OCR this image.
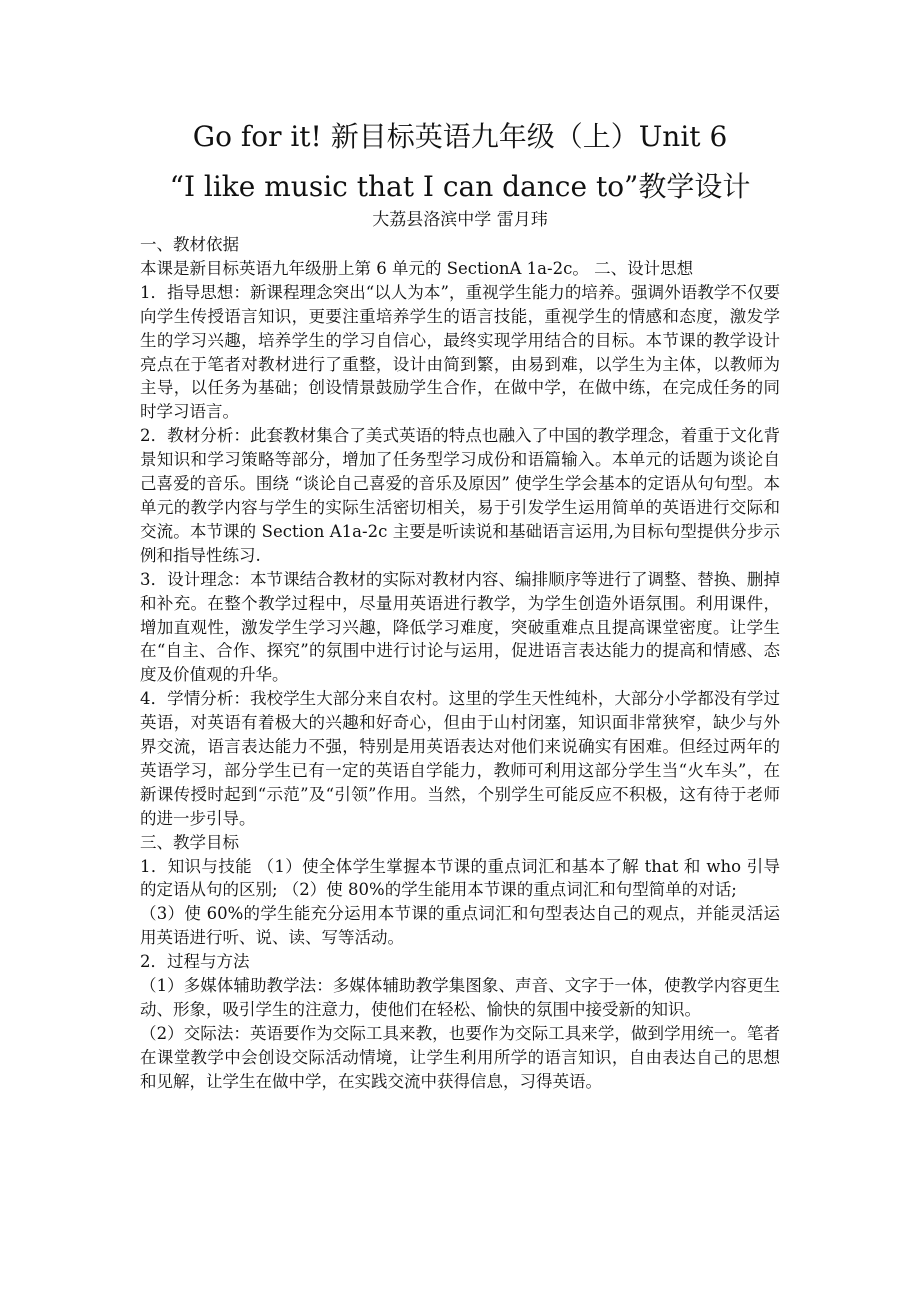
Go for it! 新目标英语九年级（上）Unit 6
“I like music that I can dance to”教学设计
大荔县洛滨中学 雷月玮

一、教材依据

本课是新目标英语九年级册上第 6 单元的 SectionA 1a-2c。 二、设计思想

1．指导思想：新课程理念突出“以人为本”，重视学生能力的培养。强调外语教学不仅要向学生传授语言知识，更要注重培养学生的语言技能，重视学生的情感和态度，激发学生的学习兴趣，培养学生的学习自信心，最终实现学用结合的目标。本节课的教学设计亮点在于笔者对教材进行了重整，设计由简到繁，由易到难，以学生为主体，以教师为主导，以任务为基础；创设情景鼓励学生合作，在做中学，在做中练，在完成任务的同时学习语言。

2．教材分析：此套教材集合了美式英语的特点也融入了中国的教学理念，着重于文化背景知识和学习策略等部分，增加了任务型学习成份和语篇输入。本单元的话题为谈论自己喜爱的音乐。围绕 “谈论自己喜爱的音乐及原因” 使学生学会基本的定语从句句型。本单元的教学内容与学生的实际生活密切相关，易于引发学生运用简单的英语进行交际和交流。本节课的 Section A1a-2c 主要是听读说和基础语言运用,为目标句型提供分步示例和指导性练习.

3．设计理念：本节课结合教材的实际对教材内容、编排顺序等进行了调整、替换、删掉和补充。在整个教学过程中，尽量用英语进行教学，为学生创造外语氛围。利用课件，增加直观性，激发学生学习兴趣，降低学习难度，突破重难点且提高课堂密度。让学生在“自主、合作、探究”的氛围中进行讨论与运用，促进语言表达能力的提高和情感、态度及价值观的升华。

4．学情分析：我校学生大部分来自农村。这里的学生天性纯朴，大部分小学都没有学过英语，对英语有着极大的兴趣和好奇心，但由于山村闭塞，知识面非常狭窄，缺少与外界交流，语言表达能力不强，特别是用英语表达对他们来说确实有困难。但经过两年的英语学习，部分学生已有一定的英语自学能力，教师可利用这部分学生当“火车头”，在新课传授时起到“示范”及“引领”作用。当然，个别学生可能反应不积极，这有待于老师的进一步引导。

三、教学目标

1．知识与技能 （1）使全体学生掌握本节课的重点词汇和基本了解 that 和 who 引导的定语从句的区别; （2）使 80%的学生能用本节课的重点词汇和句型简单的对话;

（3）使 60%的学生能充分运用本节课的重点词汇和句型表达自己的观点，并能灵活运用英语进行听、说、读、写等活动。

2．过程与方法

（1）多媒体辅助教学法：多媒体辅助教学集图象、声音、文字于一体，使教学内容更生动、形象，吸引学生的注意力，使他们在轻松、愉快的氛围中接受新的知识。

（2）交际法：英语要作为交际工具来教，也要作为交际工具来学，做到学用统一。笔者在课堂教学中会创设交际活动情境，让学生利用所学的语言知识，自由表达自己的思想和见解，让学生在做中学，在实践交流中获得信息，习得英语。
